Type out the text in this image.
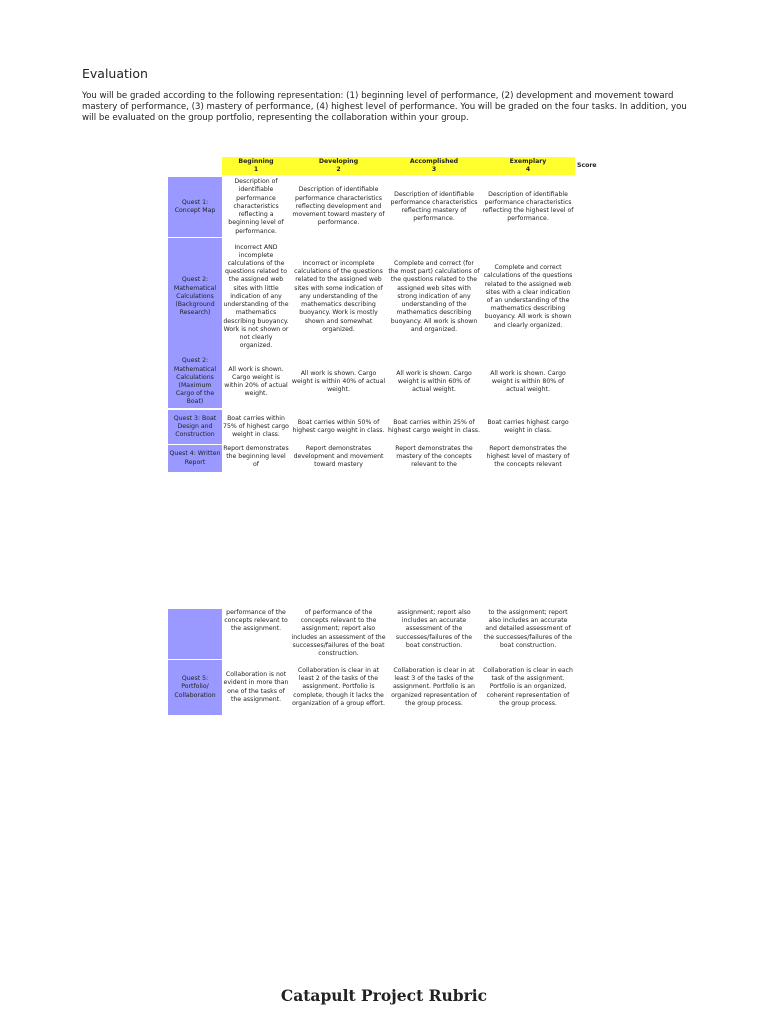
Evaluation
You will be graded according to the following representation: (1) beginning level of performance, (2) development and movement toward mastery of performance, (3) mastery of performance, (4) highest level of performance. You will be graded on the four tasks. In addition, you will be evaluated on the group portfolio, representing the collaboration within your group.
Beginning
1
Developing
2
Accomplished
3
Exemplary
4
Score
Quest 1: Concept Map
Description of identifiable performance characteristics reflecting a beginning level of performance.
Description of identifiable performance characteristics reflecting development and movement toward mastery of performance.
Description of identifiable performance characteristics reflecting mastery of performance.
Description of identifiable performance characteristics reflecting the highest level of performance.
Quest 2: Mathematical Calculations (Background Research)
Incorrect AND incomplete calculations of the questions related to the assigned web sites with little indication of any understanding of the mathematics describing buoyancy. Work is not shown or not clearly organized.
Incorrect or incomplete calculations of the questions related to the assigned web sites with some indication of any understanding of the mathematics describing buoyancy. Work is mostly shown and somewhat organized.
Complete and correct (for the most part) calculations of the questions related to the assigned web sites with strong indication of any understanding of the mathematics describing buoyancy. All work is shown and organized.
Complete and correct calculations of the questions related to the assigned web sites with a clear indication of an understanding of the mathematics describing buoyancy. All work is shown and clearly organized.
Quest 2: Mathematical Calculations (Maximum Cargo of the Boat)
All work is shown. Cargo weight is within 20% of actual weight.
All work is shown. Cargo weight is within 40% of actual weight.
All work is shown. Cargo weight is within 60% of actual weight.
All work is shown. Cargo weight is within 80% of actual weight.
Quest 3: Boat Design and Construction
Boat carries within 75% of highest cargo weight in class.
Boat carries within 50% of highest cargo weight in class.
Boat carries within 25% of highest cargo weight in class.
Boat carries highest cargo weight in class.
Quest 4: Written Report
Report demonstrates the beginning level of
Report demonstrates development and movement toward mastery
Report demonstrates the mastery of the concepts relevant to the
Report demonstrates the highest level of mastery of the concepts relevant
performance of the concepts relevant to the assignment.
of performance of the concepts relevant to the assignment; report also includes an assessment of the successes/failures of the boat construction.
assignment; report also includes an accurate assessment of the successes/failures of the boat construction.
to the assignment; report also includes an accurate and detailed assessment of the successes/failures of the boat construction.
Quest 5: Portfolio/ Collaboration
Collaboration is not evident in more than one of the tasks of the assignment.
Collaboration is clear in at least 2 of the tasks of the assignment. Portfolio is complete, though it lacks the organization of a group effort.
Collaboration is clear in at least 3 of the tasks of the assignment. Portfolio is an organized representation of the group process.
Collaboration is clear in each task of the assignment. Portfolio is an organized, coherent representation of the group process.
Catapult Project Rubric
